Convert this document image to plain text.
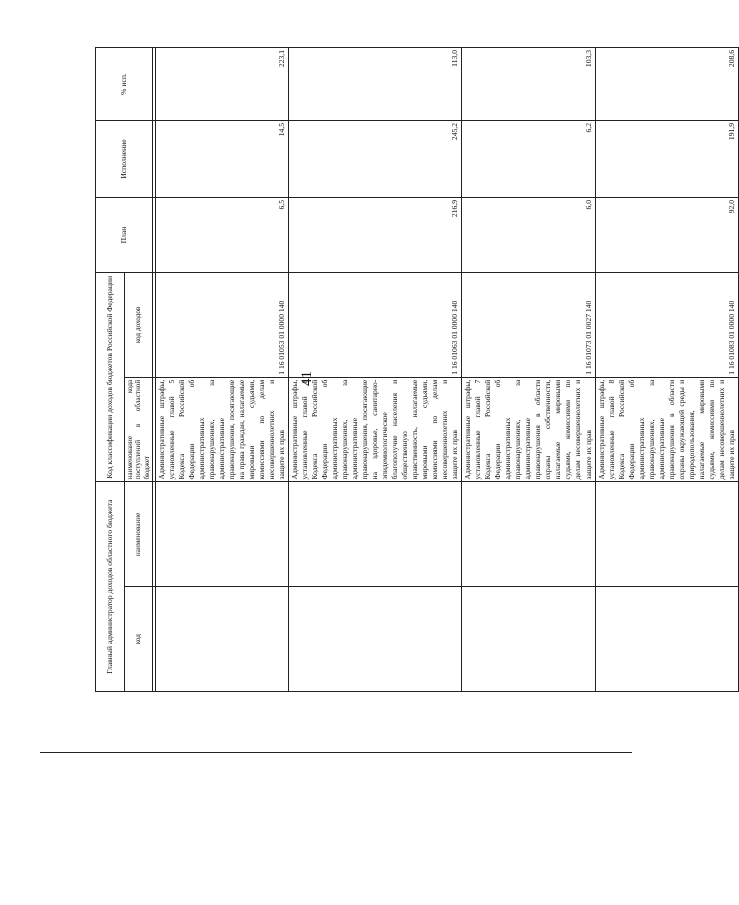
41
Главный администратор доходов областного бюджета		Код классификации доходов бюджетов Российской Федерации		План	Исполнение	% исп.
код	наименование	наименование кода поступлений в областной бюджет	код доходов			

		Административные штрафы, установленные главой 5 Кодекса Российской Федерации об административных правонарушениях, за административные правонарушения, посягающие на права граждан, налагаемые мировыми судьями, комиссиями по делам несовершеннолетних и защите их прав	1 16 01053 01 0000 140	6,5	14,5	223,1
		Административные штрафы, установленные главой 6 Кодекса Российской Федерации об административных правонарушениях, за административные правонарушения, посягающие на здоровье, санитарно-эпидемиологическое благополучие населения и общественную нравственность, налагаемые мировыми судьями, комиссиями по делам несовершеннолетних и защите их прав	1 16 01063 01 0000 140	216,9	245,2	113,0
		Административные штрафы, установленные главой 7 Кодекса Российской Федерации об административных правонарушениях, за административные правонарушения в области охраны собственности, налагаемые мировыми судьями, комиссиями по делам несовершеннолетних и защите их прав	1 16 01073 01 0027 140	6,0	6,2	103,3
		Административные штрафы, установленные главой 8 Кодекса Российской Федерации об административных правонарушениях, за административные правонарушения в области охраны окружающей среды и природопользования, налагаемые мировыми судьями, комиссиями по делам несовершеннолетних и защите их прав	1 16 01083 01 0000 140	92,0	191,9	208,6
